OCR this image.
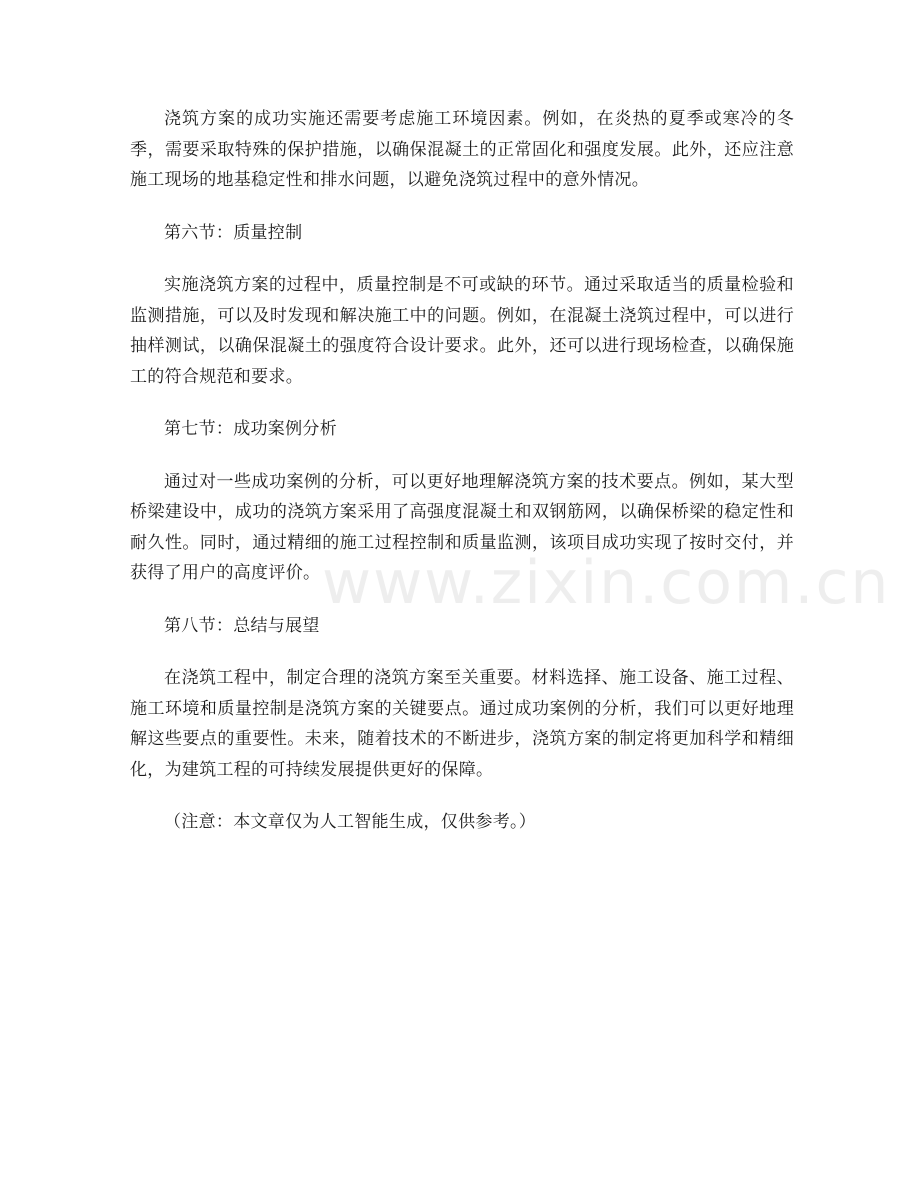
浇筑方案的成功实施还需要考虑施工环境因素。例如，在炎热的夏季或寒冷的冬季，需要采取特殊的保护措施，以确保混凝土的正常固化和强度发展。此外，还应注意施工现场的地基稳定性和排水问题，以避免浇筑过程中的意外情况。

第六节：质量控制

实施浇筑方案的过程中，质量控制是不可或缺的环节。通过采取适当的质量检验和监测措施，可以及时发现和解决施工中的问题。例如，在混凝土浇筑过程中，可以进行抽样测试，以确保混凝土的强度符合设计要求。此外，还可以进行现场检查，以确保施工的符合规范和要求。

第七节：成功案例分析

通过对一些成功案例的分析，可以更好地理解浇筑方案的技术要点。例如，某大型桥梁建设中，成功的浇筑方案采用了高强度混凝土和双钢筋网，以确保桥梁的稳定性和耐久性。同时，通过精细的施工过程控制和质量监测，该项目成功实现了按时交付，并获得了用户的高度评价。

第八节：总结与展望

在浇筑工程中，制定合理的浇筑方案至关重要。材料选择、施工设备、施工过程、施工环境和质量控制是浇筑方案的关键要点。通过成功案例的分析，我们可以更好地理解这些要点的重要性。未来，随着技术的不断进步，浇筑方案的制定将更加科学和精细化，为建筑工程的可持续发展提供更好的保障。

（注意：本文章仅为人工智能生成，仅供参考。）

www.zixin.com.cn
